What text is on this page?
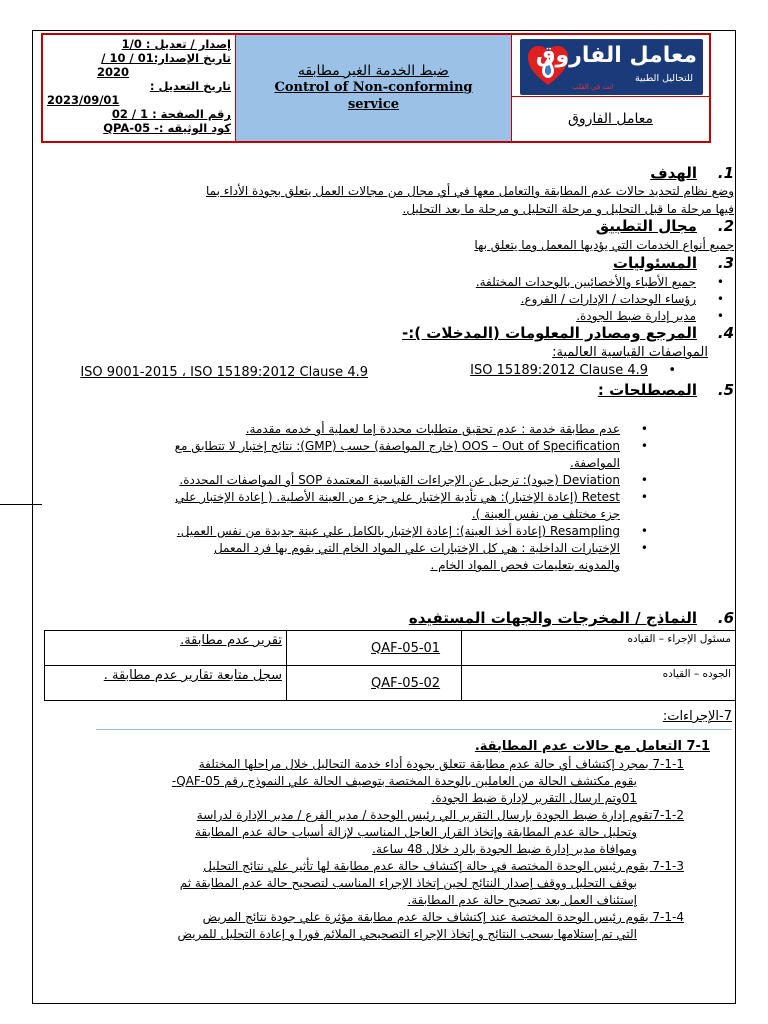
إصدار / تعديل : 1/0
تاريخ الإصدار:01 / 10 /
2020
تاريخ التعديل :
2023/09/01
رقم الصفحة : 1 / 02
كود الوثيقه :- QPA-05
ضبط الخدمة الغير مطابقه
Control of Non-conforming
service
معامل الفاروق
للتحاليل الطبية
انت في القلب
معامل الفاروق
1.    الهدف
وضع نظام لتحديد حالات عدم المطابقة والتعامل معها في أي مجال من مجالات العمل يتعلق بجودة الأداء بما
فيها مرحلة ما قبل التحليل و مرحلة التحليل و مرحلة ما بعد التحليل.
2.    مجال التطبيق
جميع أنواع الخدمات التي يؤديها المعمل وما يتعلق بها
3.    المسئوليات
• جميع الأطباء والأخصائيين بالوحدات المختلفة.
• رؤساء الوحدات / الإدارات / الفروع.
• مدير إدارة ضبط الجودة.
4.    المرجع ومصادر المعلومات (المدخلات ):-
المواصفات القياسية العالمية:
• ISO 15189:2012 Clause 4.9
ISO 9001-2015 ، ISO 15189:2012 Clause 4.9
5.    المصطلحات :
• عدم مطابقة خدمة : عدم تحقيق متطلبات محددة إما لعملية أو خدمه مقدمة.
• OOS – Out of Specification (خارج المواصفة) حسب (GMP): نتائج إختبار لا تتطابق مع
المواصفة.
• Deviation (حيود): ترحيل عن الإجراءات القياسية المعتمدة SOP أو المواصفات المحددة.
• Retest (إعادة الإختبار): هي تأدية الإختبار علي جزء من العينة الأصلية. ( إعادة الإختبار علي
جزء مختلف من نفس العينة ).
• Resampling (إعادة أخذ العينة): إعادة الإختبار بالكامل علي عينة جديدة من نفس العميل.
• الإختبارات الداخلية : هي كل الإختبارات علي المواد الخام التي يقوم بها فرد المعمل
والمدونه بتعليمات فحص المواد الخام .
6.    النماذج / المخرجات والجهات المستفيده
تقرير عدم مطابقة.	QAF-05-01	مسئول الإجراء – القياده
سجل متابعة تقارير عدم مطابقة .	QAF-05-02	الجوده – القياده
7-الإجراءات:
7-1 التعامل مع حالات عدم المطابقة.
7-1-1 بمجرد إكتشاف أي حالة عدم مطابقة تتعلق بجودة أداء خدمة التحاليل خلال مراحلها المختلفة
يقوم مكتشف الحالة من العاملين بالوحدة المختصة بتوصيف الحالة علي النموذج رقم QAF-05-
01وتم ارسال التقرير لإدارة ضبط الجودة.
7-1-2تقوم إدارة ضبط الجودة بإرسال التقرير الي رئيس الوحدة / مدير الفرع / مدير الإدارة لدراسة
وتحليل حالة عدم المطابقة وإتخاذ القرار العاجل المناسب لإزالة أسباب حالة عدم المطابقة
وموافاة مدير إدارة ضبط الجودة بالرد خلال 48 ساعة.
7-1-3 يقوم رئيس الوحدة المختصة في حالة إكتشاف حالة عدم مطابقة لها تأثير علي نتائج التحليل
بوقف التحليل ووقف إصدار النتائج لحين إتخاذ الإجراء المناسب لتصحيح حالة عدم المطابقة ثم
إستئناف العمل بعد تصحيح حالة عدم المطابقة.
7-1-4 يقوم رئيس الوحدة المختصة عند إكتشاف حالة عدم مطابقة مؤثرة علي جودة نتائج المريض
التي تم إستلامها بسحب النتائج و إتخاذ الإجراء التصحيحي الملائم فورا و إعادة التحليل للمريض
